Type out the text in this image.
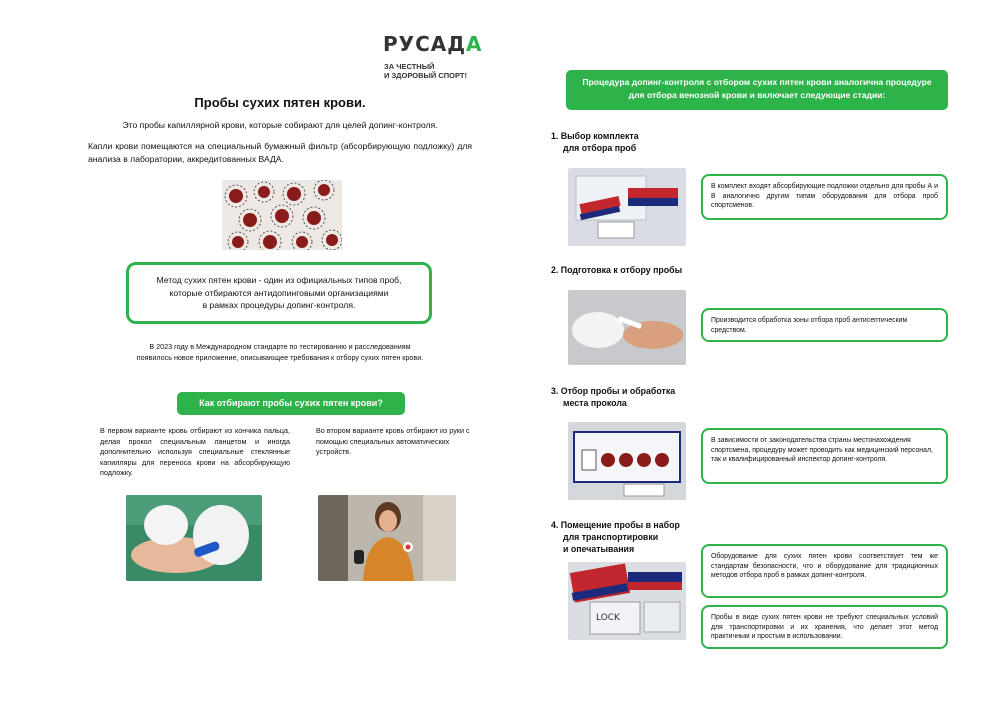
РУСАДА
ЗА ЧЕСТНЫЙ
И ЗДОРОВЫЙ СПОРТ!
Пробы сухих пятен крови.
Это пробы капиллярной крови, которые собирают для целей допинг-контроля.
Капли крови помещаются на специальный бумажный фильтр (абсорбирующую подложку) для анализа в лаборатории, аккредитованных ВАДА.
Метод сухих пятен крови - один из официальных типов проб,
которые отбираются антидопинговыми организациями
в рамках процедуры допинг-контроля.
В 2023 году в Международном стандарте по тестированию и расследованиям
появилось новое приложение, описывающее требования к отбору сухих пятен крови.
Как отбирают пробы сухих пятен крови?
В первом варианте кровь отбирают из кончика пальца, делая прокол специальным ланцетом и иногда дополнительно используя специальные стеклянные капилляры для переноса крови на абсорбирующую подложку.
Во втором варианте кровь отбирают из руки с помощью специальных автоматических устройств.
Процедура допинг-контроля с отбором сухих пятен крови аналогична процедуре для отбора венозной крови и включает следующие стадии:
1. Выбор комплекта
для отбора проб
В комплект входят абсорбирующие подложки отдельно для пробы А и В аналогично другим типам оборудования для отбора проб спортсменов.
2. Подготовка к отбору пробы
Производится обработка зоны отбора проб антисептическим средством.
3. Отбор пробы и обработка
места прокола
В зависимости от законодательства страны местонахождения спортсмена, процедуру может проводить как медицинский персонал, так и квалифицированный инспектор допинг-контроля.
4. Помещение пробы в набор
для транспортировки
и опечатывания
LOCK
Оборудование для сухих пятен крови соответствует тем же стандартам безопасности, что и оборудование для традиционных методов отбора проб в рамках допинг-контроля.
Пробы в виде сухих пятен крови не требуют специальных условий для транспортировки и их хранения, что делает этот метод практичным и простым в использовании.
